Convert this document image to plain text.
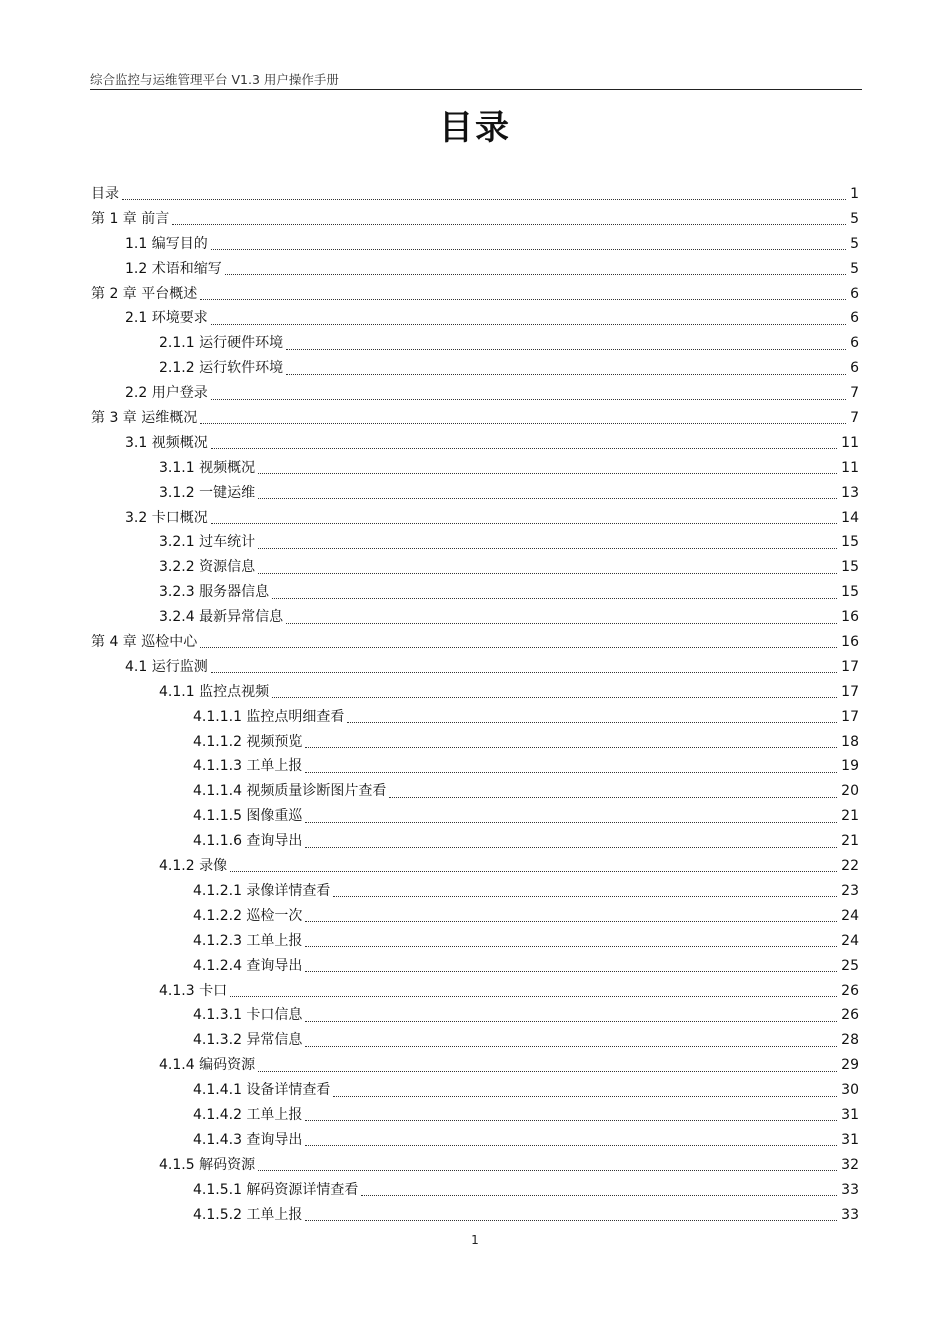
综合监控与运维管理平台 V1.3 用户操作手册
目录
目录	1
第 1 章 前言	5
1.1 编写目的	5
1.2 术语和缩写	5
第 2 章 平台概述	6
2.1 环境要求	6
2.1.1 运行硬件环境	6
2.1.2 运行软件环境	6
2.2 用户登录	7
第 3 章 运维概况	7
3.1 视频概况	11
3.1.1 视频概况	11
3.1.2 一键运维	13
3.2 卡口概况	14
3.2.1 过车统计	15
3.2.2 资源信息	15
3.2.3 服务器信息	15
3.2.4 最新异常信息	16
第 4 章 巡检中心	16
4.1 运行监测	17
4.1.1 监控点视频	17
4.1.1.1 监控点明细查看	17
4.1.1.2 视频预览	18
4.1.1.3 工单上报	19
4.1.1.4 视频质量诊断图片查看	20
4.1.1.5 图像重巡	21
4.1.1.6 查询导出	21
4.1.2 录像	22
4.1.2.1 录像详情查看	23
4.1.2.2 巡检一次	24
4.1.2.3 工单上报	24
4.1.2.4 查询导出	25
4.1.3 卡口	26
4.1.3.1 卡口信息	26
4.1.3.2 异常信息	28
4.1.4 编码资源	29
4.1.4.1 设备详情查看	30
4.1.4.2 工单上报	31
4.1.4.3 查询导出	31
4.1.5 解码资源	32
4.1.5.1 解码资源详情查看	33
4.1.5.2 工单上报	33
1
